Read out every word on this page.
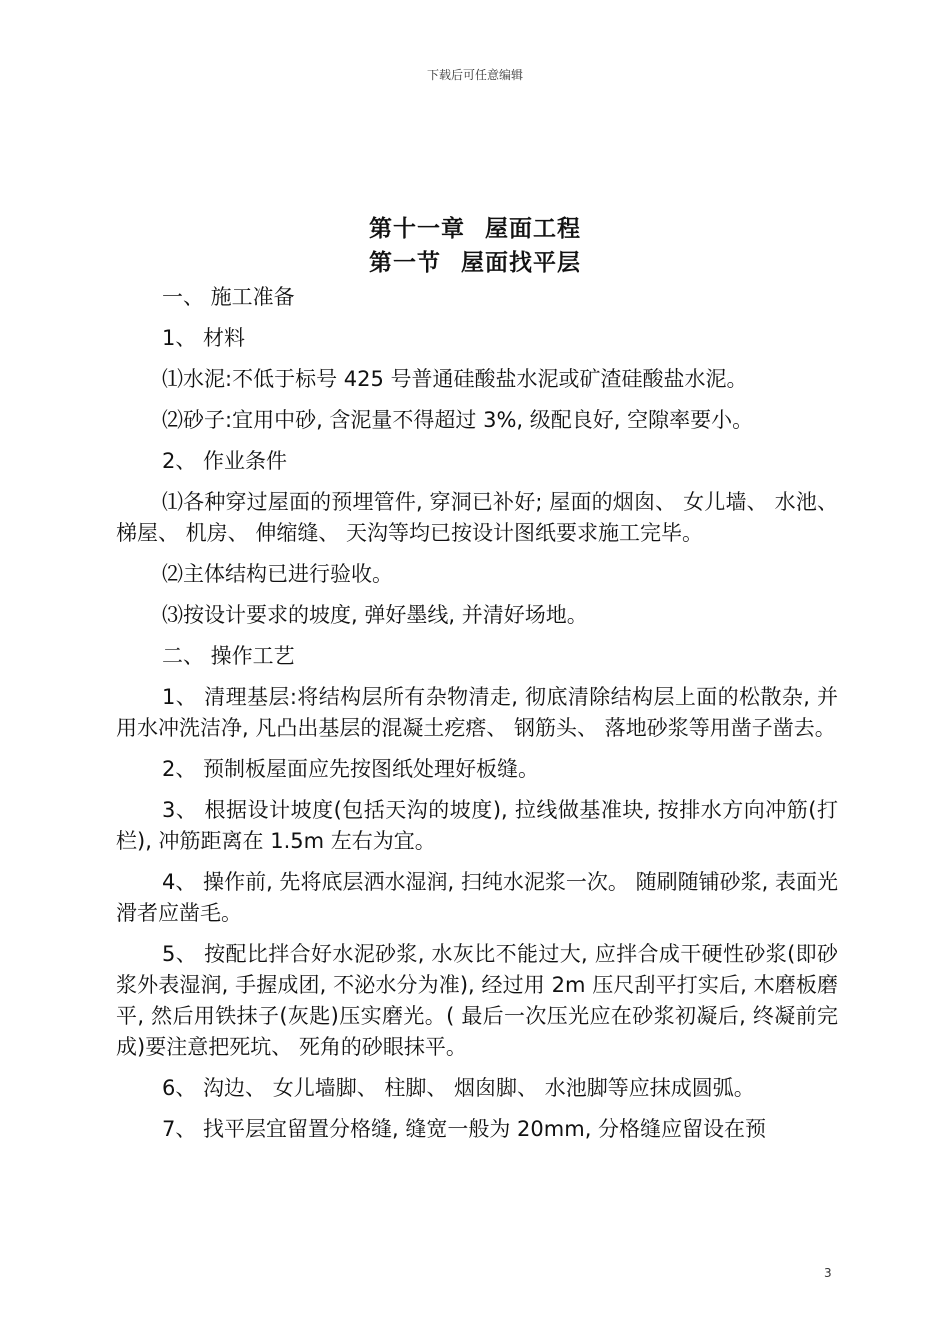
下载后可任意编辑
第十一章 屋面工程
第一节 屋面找平层

一、 施工准备

1、 材料

⑴水泥:不低于标号 425 号普通硅酸盐水泥或矿渣硅酸盐水泥。

⑵砂子:宜用中砂, 含泥量不得超过 3%, 级配良好, 空隙率要小。

2、 作业条件

⑴各种穿过屋面的预埋管件, 穿洞已补好; 屋面的烟囱、 女儿墙、 水池、 梯屋、 机房、 伸缩缝、 天沟等均已按设计图纸要求施工完毕。

⑵主体结构已进行验收。

⑶按设计要求的坡度, 弹好墨线, 并清好场地。

二、 操作工艺

1、 清理基层:将结构层所有杂物清走, 彻底清除结构层上面的松散杂, 并用水冲洗洁净, 凡凸出基层的混凝土疙瘩、 钢筋头、 落地砂浆等用凿子凿去。

2、 预制板屋面应先按图纸处理好板缝。

3、 根据设计坡度(包括天沟的坡度), 拉线做基准块, 按排水方向冲筋(打栏), 冲筋距离在 1.5m 左右为宜。

4、 操作前, 先将底层洒水湿润, 扫纯水泥浆一次。 随刷随铺砂浆, 表面光滑者应凿毛。

5、 按配比拌合好水泥砂浆, 水灰比不能过大, 应拌合成干硬性砂浆(即砂浆外表湿润, 手握成团, 不泌水分为准), 经过用 2m 压尺刮平打实后, 木磨板磨平, 然后用铁抹子(灰匙)压实磨光。( 最后一次压光应在砂浆初凝后, 终凝前完成)要注意把死坑、 死角的砂眼抹平。

6、 沟边、 女儿墙脚、 柱脚、 烟囱脚、 水池脚等应抹成圆弧。

7、 找平层宜留置分格缝, 缝宽一般为 20mm, 分格缝应留设在预

3
